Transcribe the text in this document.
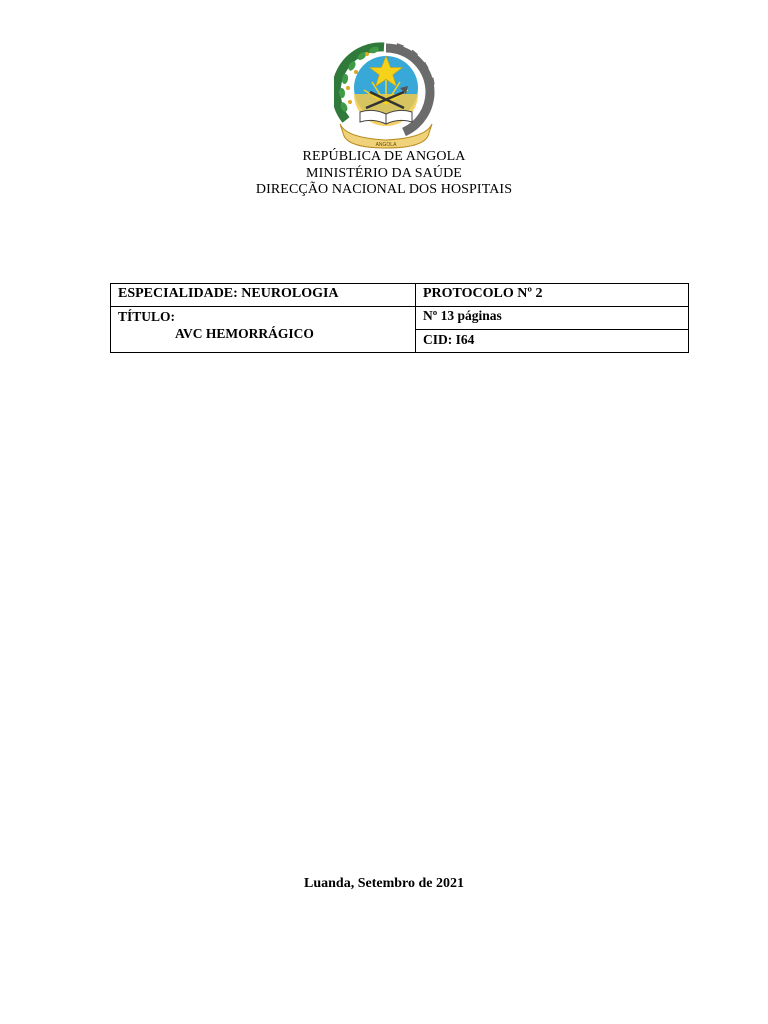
ANGOLA
REPÚBLICA DE ANGOLA
MINISTÉRIO DA SAÚDE
DIRECÇÃO NACIONAL DOS HOSPITAIS
ESPECIALIDADE: NEUROLOGIA	PROTOCOLO Nº 2

TÍTULO:
AVC HEMORRÁGICO	Nº 13 páginas
	CID: I64
Luanda, Setembro de 2021
